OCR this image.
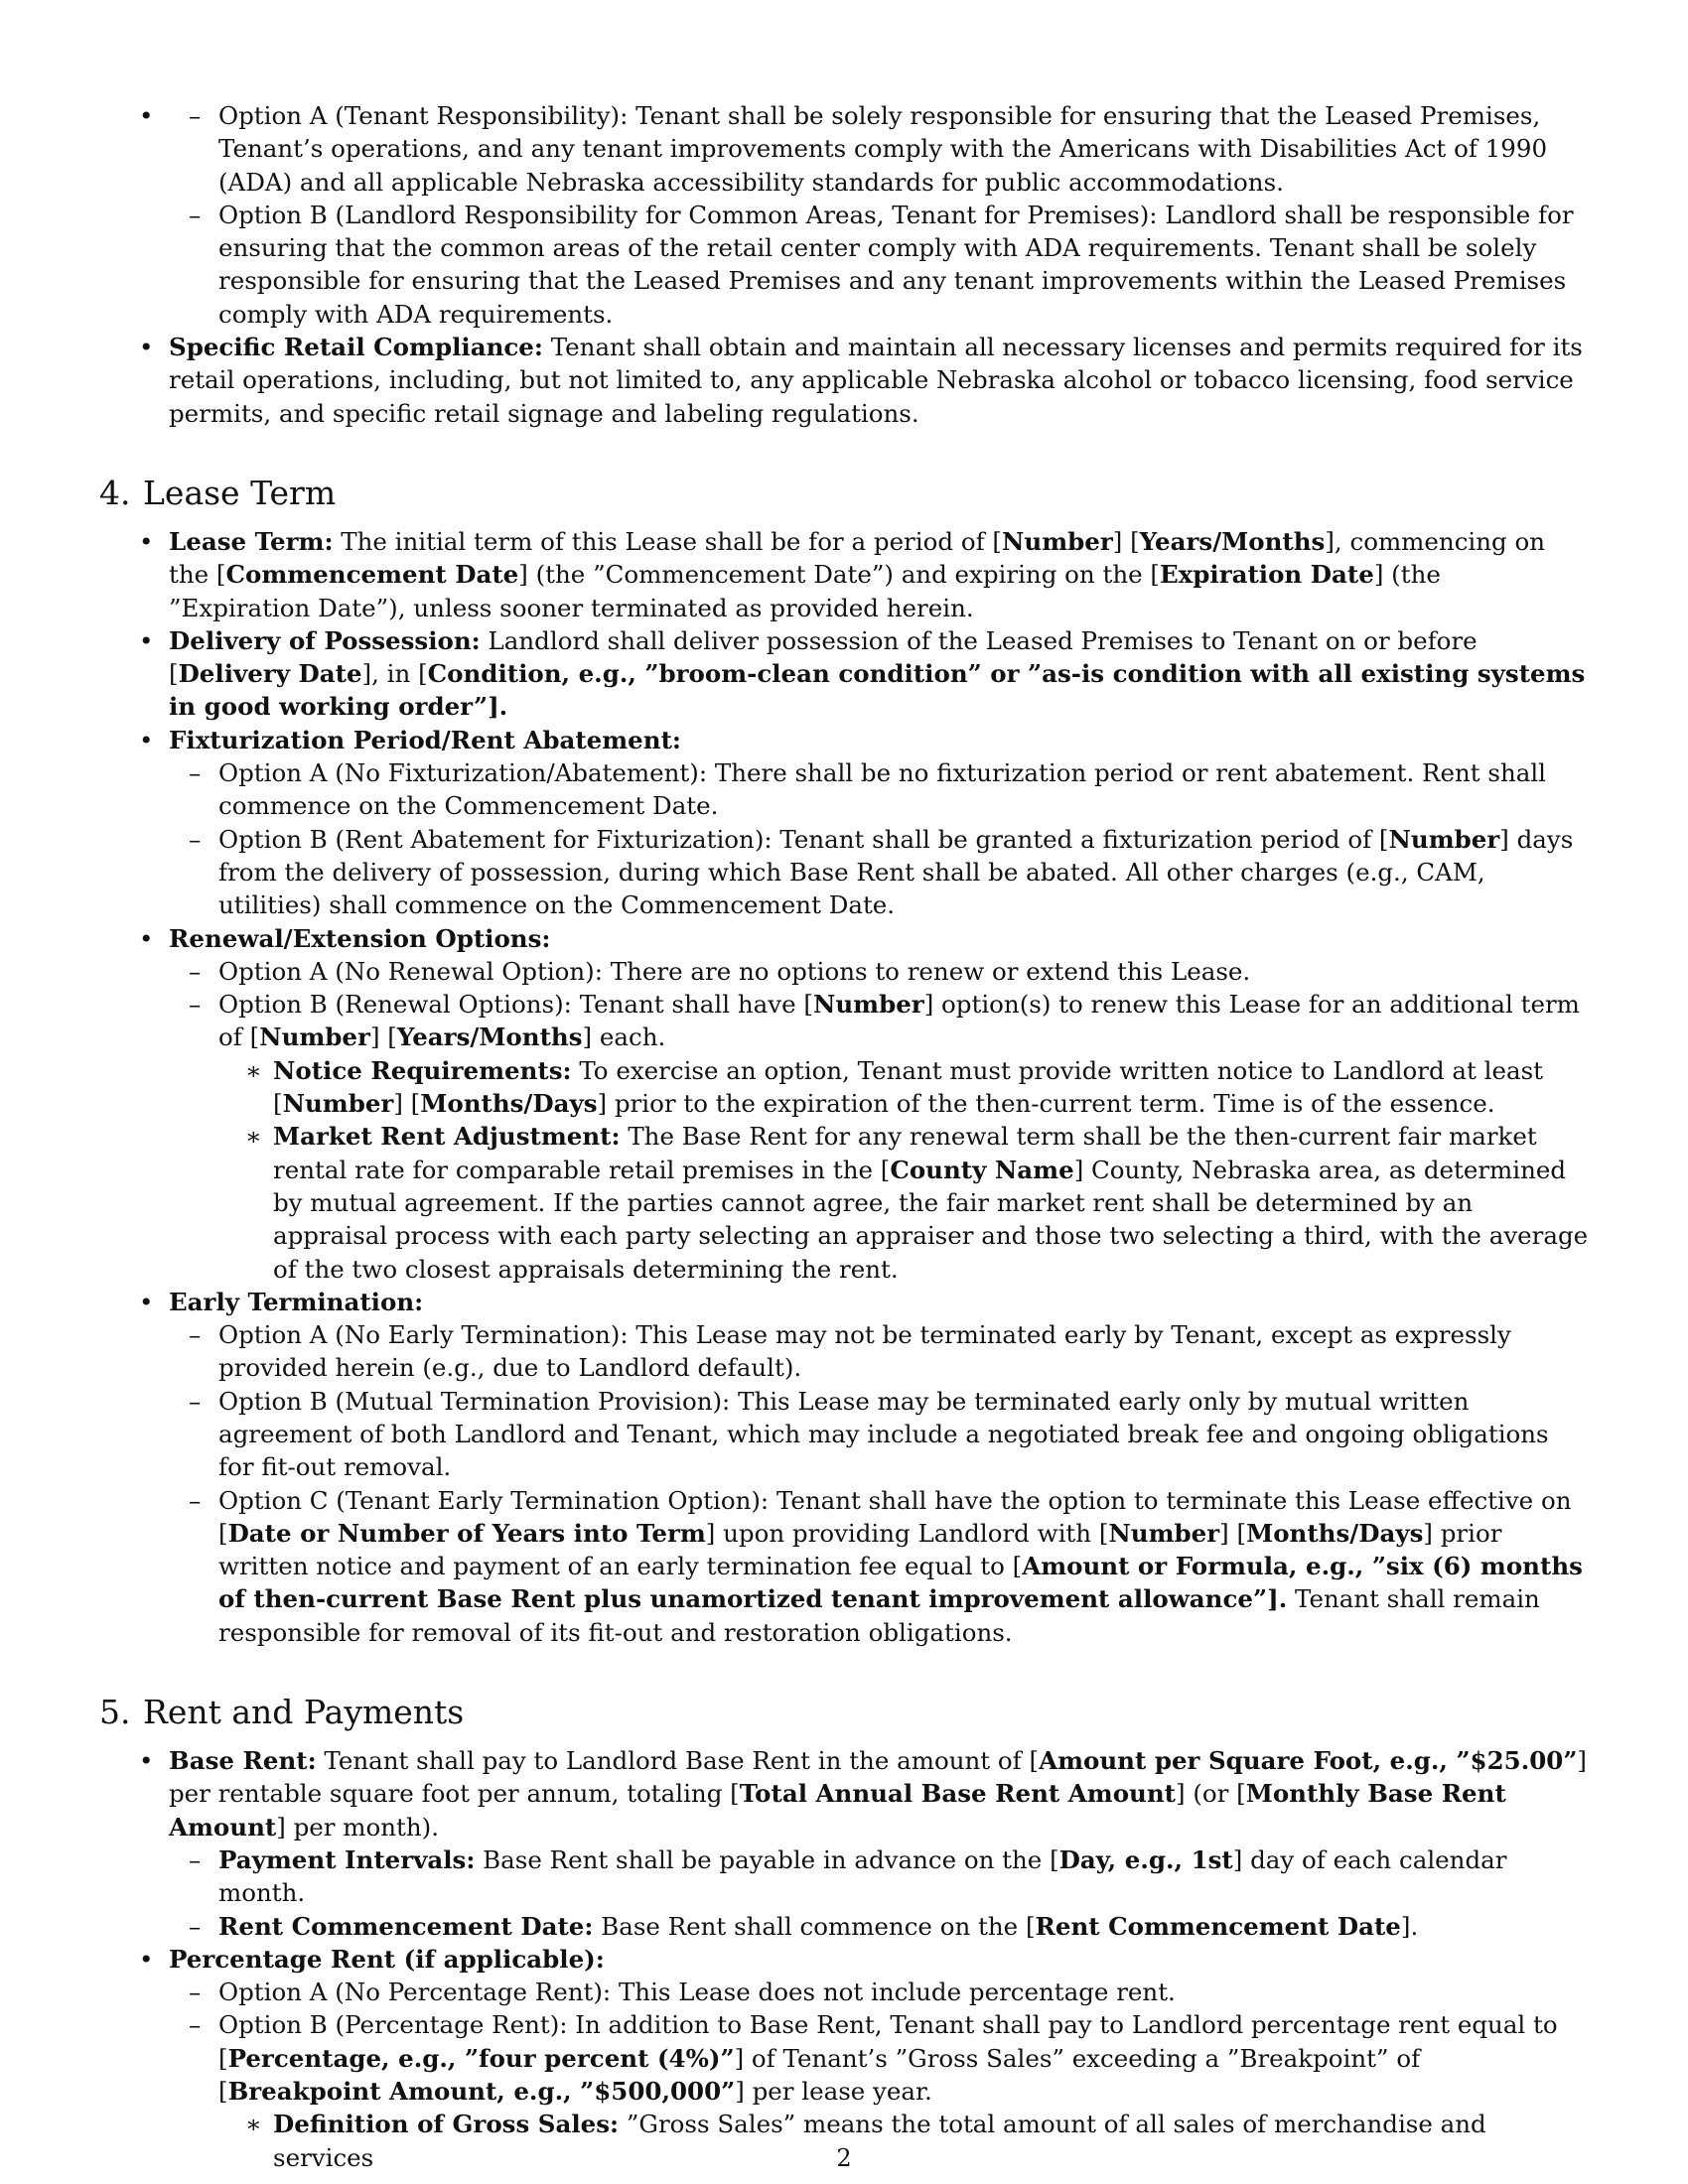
– • Option A (Tenant Responsibility): Tenant shall be solely responsible for ensuring that the Leased Premises, Tenant’s operations, and any tenant improvements comply with the Americans with Disabilities Act of 1990 (ADA) and all applicable Nebraska accessibility standards for public accommodations.
– Option B (Landlord Responsibility for Common Areas, Tenant for Premises): Landlord shall be responsible for ensuring that the common areas of the retail center comply with ADA requirements. Tenant shall be solely responsible for ensuring that the Leased Premises and any tenant improvements within the Leased Premises comply with ADA requirements.
• Specific Retail Compliance: Tenant shall obtain and maintain all necessary licenses and permits required for its retail operations, including, but not limited to, any applicable Nebraska alcohol or tobacco licensing, food service permits, and specific retail signage and labeling regulations.
4. Lease Term
• Lease Term: The initial term of this Lease shall be for a period of [Number] [Years/Months], commencing on the [Commencement Date] (the ”Commencement Date”) and expiring on the [Expiration Date] (the ”Expiration Date”), unless sooner terminated as provided herein.
• Delivery of Possession: Landlord shall deliver possession of the Leased Premises to Tenant on or before [Delivery Date], in [Condition, e.g., ”broom-clean condition” or ”as-is condition with all existing systems in good working order”].
• Fixturization Period/Rent Abatement:
– Option A (No Fixturization/Abatement): There shall be no fixturization period or rent abatement. Rent shall commence on the Commencement Date.
– Option B (Rent Abatement for Fixturization): Tenant shall be granted a fixturization period of [Number] days from the delivery of possession, during which Base Rent shall be abated. All other charges (e.g., CAM, utilities) shall commence on the Commencement Date.
• Renewal/Extension Options:
– Option A (No Renewal Option): There are no options to renew or extend this Lease.
– Option B (Renewal Options): Tenant shall have [Number] option(s) to renew this Lease for an additional term of [Number] [Years/Months] each.
∗ Notice Requirements: To exercise an option, Tenant must provide written notice to Landlord at least [Number] [Months/Days] prior to the expiration of the then-current term. Time is of the essence.
∗ Market Rent Adjustment: The Base Rent for any renewal term shall be the then-current fair market rental rate for comparable retail premises in the [County Name] County, Nebraska area, as determined by mutual agreement. If the parties cannot agree, the fair market rent shall be determined by an appraisal process with each party selecting an appraiser and those two selecting a third, with the average of the two closest appraisals determining the rent.
• Early Termination:
– Option A (No Early Termination): This Lease may not be terminated early by Tenant, except as expressly provided herein (e.g., due to Landlord default).
– Option B (Mutual Termination Provision): This Lease may be terminated early only by mutual written agreement of both Landlord and Tenant, which may include a negotiated break fee and ongoing obligations for fit-out removal.
– Option C (Tenant Early Termination Option): Tenant shall have the option to terminate this Lease effective on [Date or Number of Years into Term] upon providing Landlord with [Number] [Months/Days] prior written notice and payment of an early termination fee equal to [Amount or Formula, e.g., ”six (6) months of then-current Base Rent plus unamortized tenant improvement allowance”]. Tenant shall remain responsible for removal of its fit-out and restoration obligations.
5. Rent and Payments
• Base Rent: Tenant shall pay to Landlord Base Rent in the amount of [Amount per Square Foot, e.g., ”$25.00”] per rentable square foot per annum, totaling [Total Annual Base Rent Amount] (or [Monthly Base Rent Amount] per month).
– Payment Intervals: Base Rent shall be payable in advance on the [Day, e.g., 1st] day of each calendar month.
– Rent Commencement Date: Base Rent shall commence on the [Rent Commencement Date].
• Percentage Rent (if applicable):
– Option A (No Percentage Rent): This Lease does not include percentage rent.
– Option B (Percentage Rent): In addition to Base Rent, Tenant shall pay to Landlord percentage rent equal to [Percentage, e.g., ”four percent (4%)”] of Tenant’s ”Gross Sales” exceeding a ”Breakpoint” of [Breakpoint Amount, e.g., ”$500,000”] per lease year.
∗ Definition of Gross Sales: ”Gross Sales” means the total amount of all sales of merchandise and services	2
